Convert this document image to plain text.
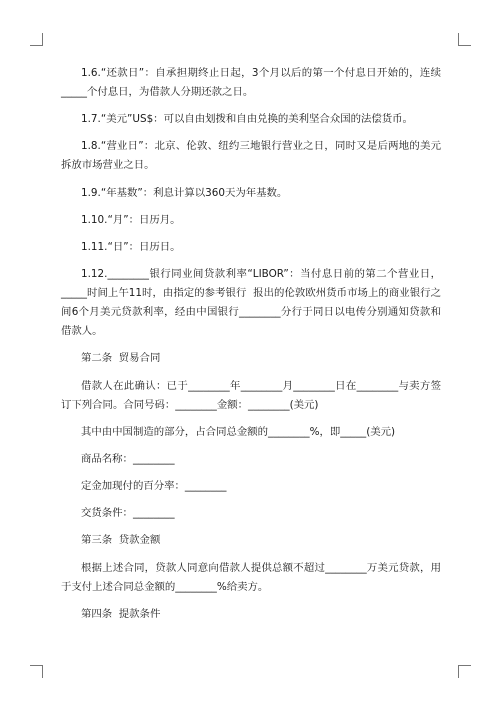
1.6.“还款日”：自承担期终止日起，3个月以后的第一个付息日开始的，连续_____个付息日，为借款人分期还款之日。

1.7.“美元”US$：可以自由划拨和自由兑换的美利坚合众国的法偿货币。

1.8.“营业日”：北京、伦敦、纽约三地银行营业之日，同时又是后两地的美元拆放市场营业之日。

1.9.“年基数”：利息计算以360天为年基数。

1.10.“月”：日历月。

1.11.“日”：日历日。

1.12.________银行同业间贷款利率“LIBOR”：当付息日前的第二个营业日，_____时间上午11时，由指定的参考银行  报出的伦敦欧州货币市场上的商业银行之间6个月美元贷款利率，经由中国银行________分行于同日以电传分别通知贷款和借款人。

第二条  贸易合同

借款人在此确认：已于________年________月________日在________与卖方签订下列合同。合同号码：________金额：________(美元)

其中由中国制造的部分，占合同总金额的________%，即_____(美元)

商品名称：________

定金加现付的百分率：________

交货条件：________

第三条  贷款金额

根据上述合同，贷款人同意向借款人提供总额不超过________万美元贷款，用于支付上述合同总金额的________%给卖方。

第四条  提款条件
